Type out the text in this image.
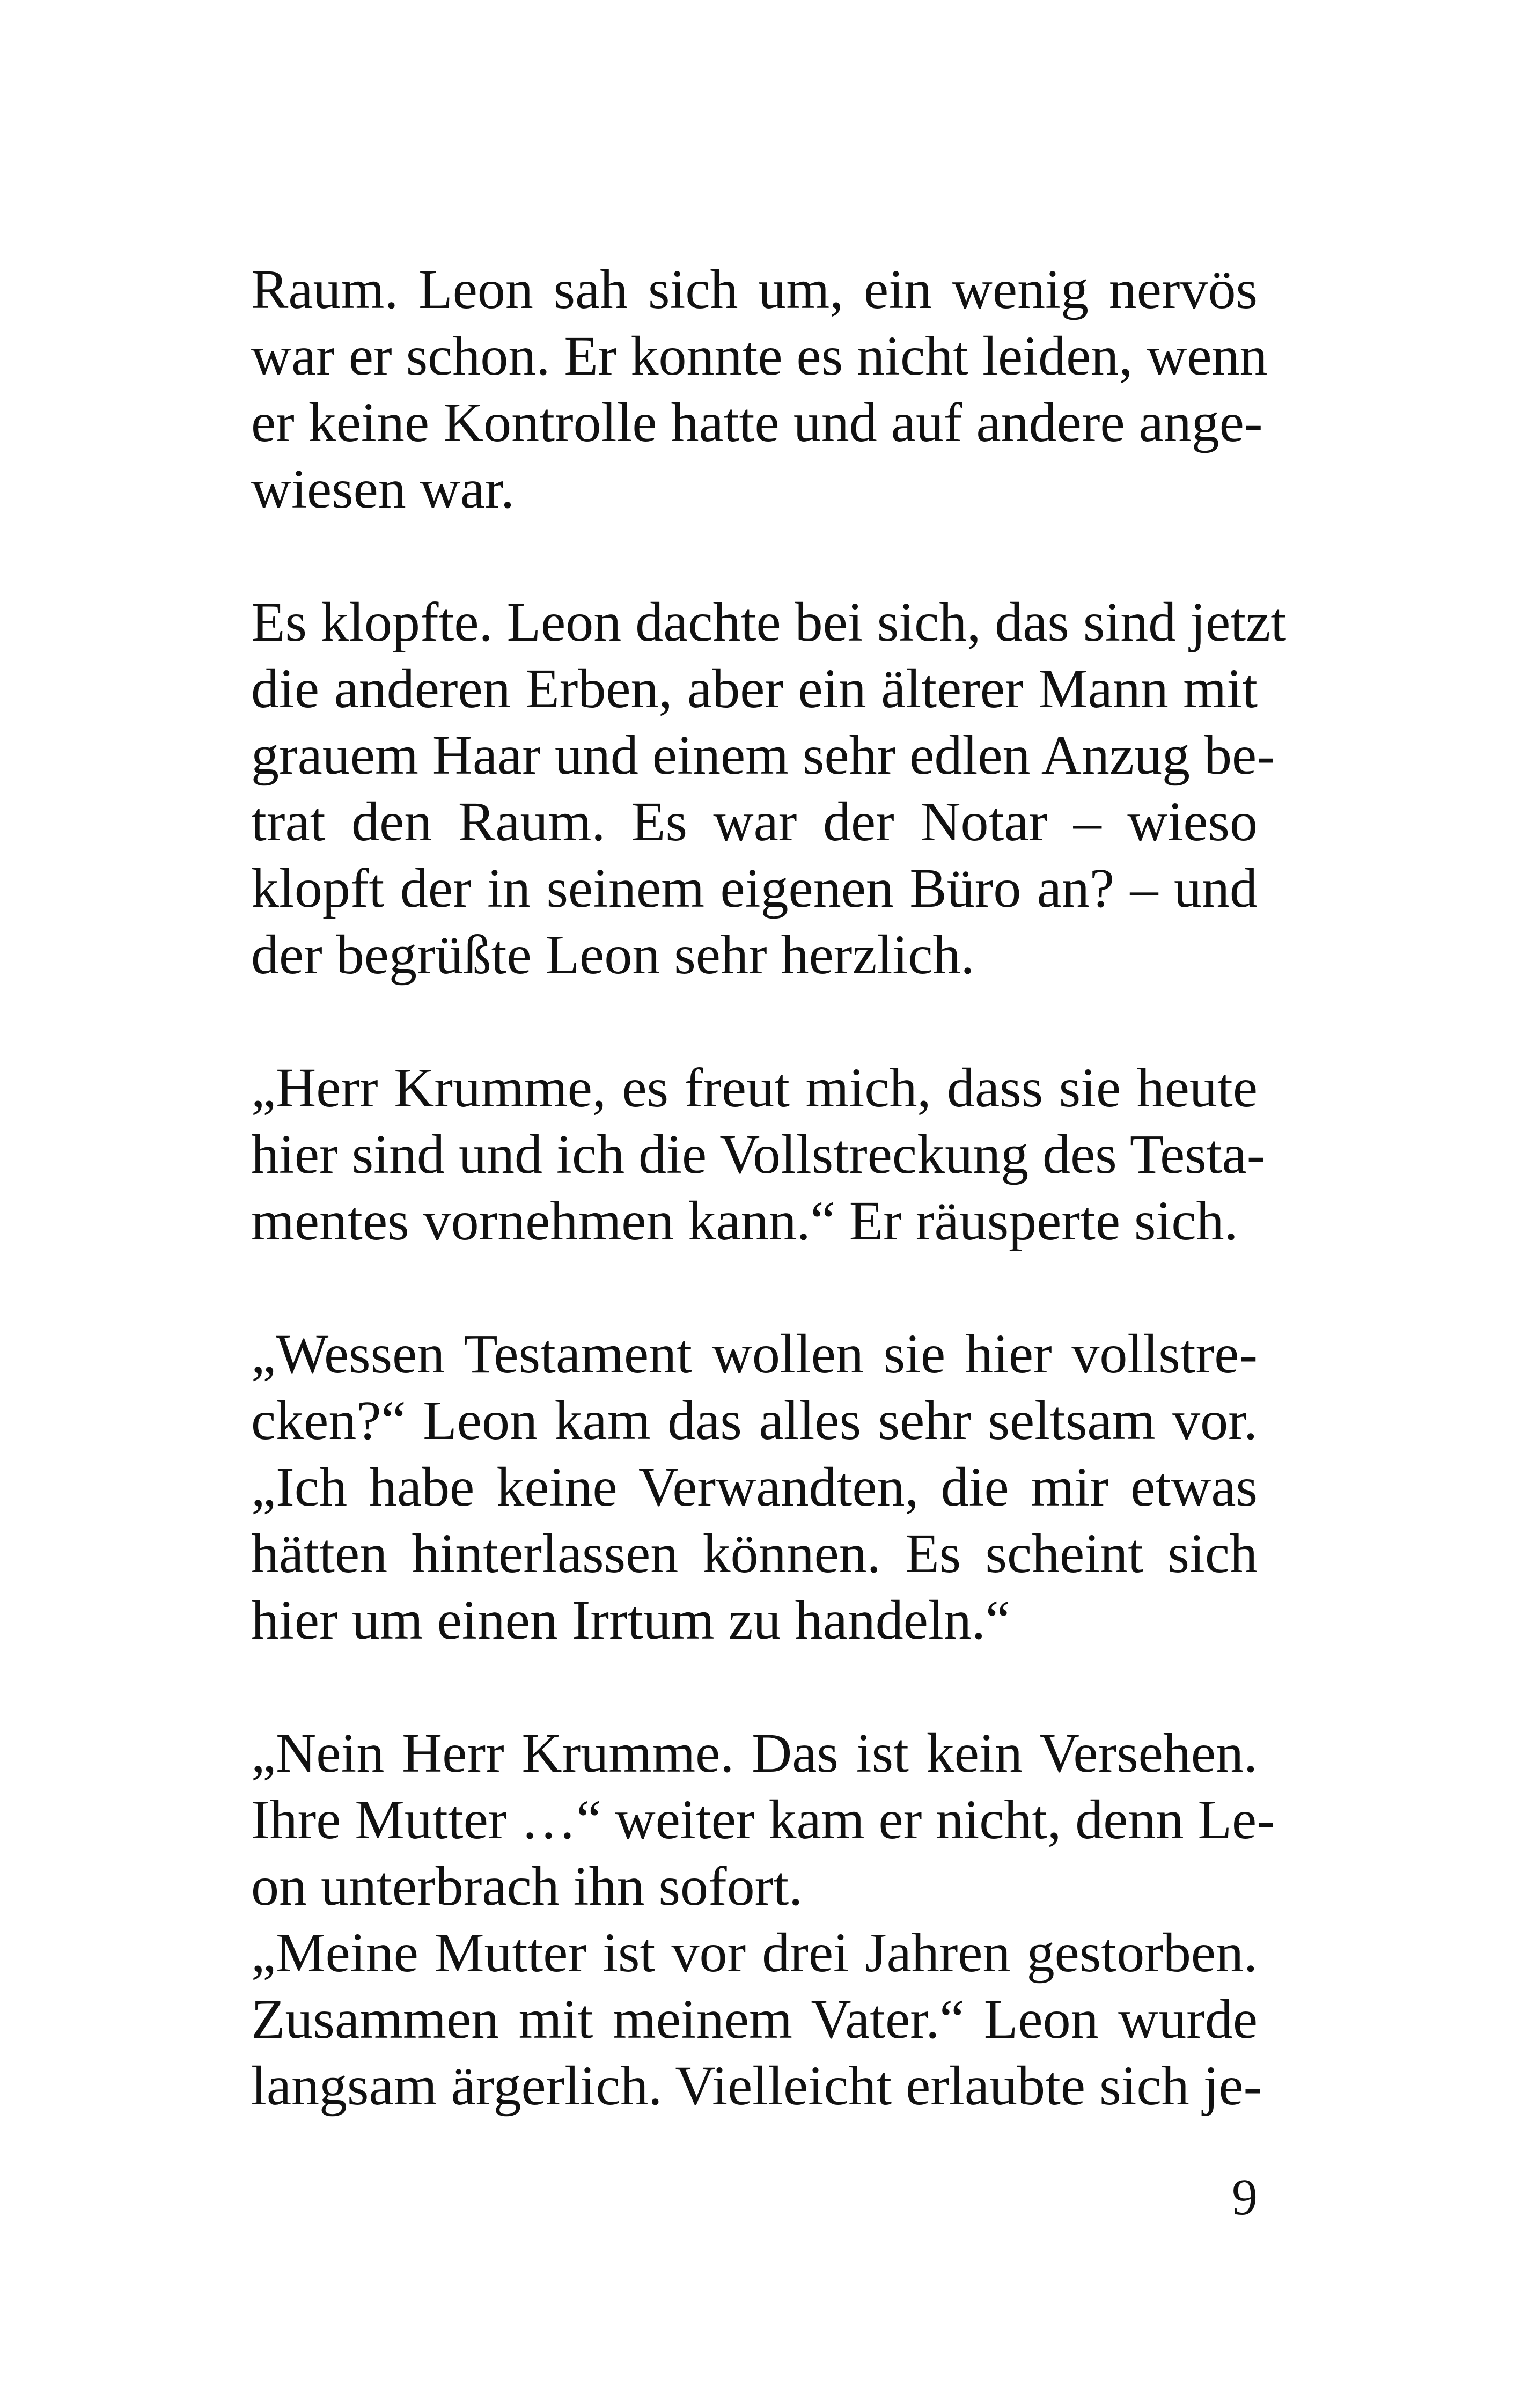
Raum. Leon sah sich um, ein wenig nervös
war er schon. Er konnte es nicht leiden, wenn
er keine Kontrolle hatte und auf andere ange-
wiesen war.

Es klopfte. Leon dachte bei sich, das sind jetzt
die anderen Erben, aber ein älterer Mann mit
grauem Haar und einem sehr edlen Anzug be-
trat den Raum. Es war der Notar – wieso
klopft der in seinem eigenen Büro an? – und
der begrüßte Leon sehr herzlich.

„Herr Krumme, es freut mich, dass sie heute
hier sind und ich die Vollstreckung des Testa-
mentes vornehmen kann.“ Er räusperte sich.

„Wessen Testament wollen sie hier vollstre-
cken?“ Leon kam das alles sehr seltsam vor.
„Ich habe keine Verwandten, die mir etwas
hätten hinterlassen können. Es scheint sich
hier um einen Irrtum zu handeln.“

„Nein Herr Krumme. Das ist kein Versehen.
Ihre Mutter …“ weiter kam er nicht, denn Le-
on unterbrach ihn sofort.

„Meine Mutter ist vor drei Jahren gestorben.
Zusammen mit meinem Vater.“ Leon wurde
langsam ärgerlich. Vielleicht erlaubte sich je-

9
